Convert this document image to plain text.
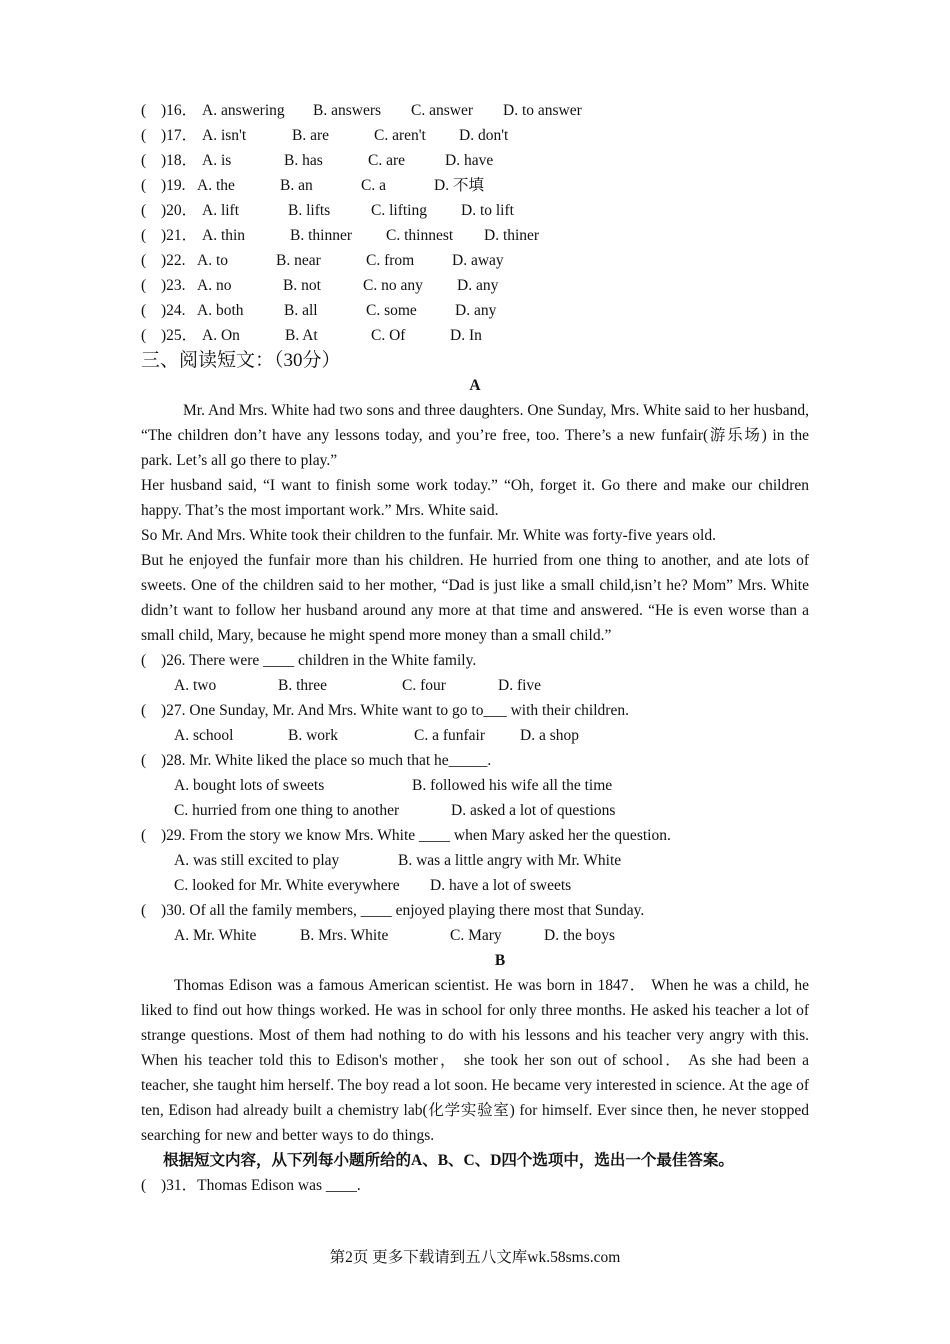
( )16． A. answering B. answers C. answer D. to answer
( )17． A. isn't	B. are	C. aren't D. don't
( )18． A. is	B. has	C. are	D. have
( )19. A. the	B. an	C. a	D. 不填
( )20． A. lift	B. lifts	C. lifting D. to lift
( )21． A. thin	B. thinner C. thinnest D. thiner
( )22. A. to	B. near	C. from D. away
( )23. A. no	B. not	C. no any D. any
( )24. A. both	B. all	C. some D. any
( )25． A. On	B. At	C. Of	D. In
三、阅读短文：（30分）
A

Mr. And Mrs. White had two sons and three daughters. One Sunday, Mrs. White said to her husband, “The children don’t have any lessons today, and you’re free, too. There’s a new funfair(游乐场) in the park. Let’s all go there to play.”

Her husband said, “I want to finish some work today.” “Oh, forget it. Go there and make our children happy. That’s the most important work.” Mrs. White said.

So Mr. And Mrs. White took their children to the funfair. Mr. White was forty-five years old.

But he enjoyed the funfair more than his children. He hurried from one thing to another, and ate lots of sweets. One of the children said to her mother, “Dad is just like a small child,isn’t he? Mom” Mrs. White didn’t want to follow her husband around any more at that time and answered. “He is even worse than a small child, Mary, because he might spend more money than a small child.”

( )26. There were ____ children in the White family.
A. two	B. three	C. four	D. five
( )27. One Sunday, Mr. And Mrs. White want to go to___ with their children.
A. school	B. work	C. a funfair D. a shop
( )28. Mr. White liked the place so much that he_____.
A. bought lots of sweets	B. followed his wife all the time
C. hurried from one thing to another	D. asked a lot of questions
( )29. From the story we know Mrs. White ____ when Mary asked her the question.
A. was still excited to play	B. was a little angry with Mr. White
C. looked for Mr. White everywhere D. have a lot of sweets
( )30. Of all the family members, ____ enjoyed playing there most that Sunday.
A. Mr. White	B. Mrs. White	C. Mary	D. the boys
B

Thomas Edison was a famous American scientist. He was born in 1847． When he was a child, he liked to find out how things worked. He was in school for only three months. He asked his teacher a lot of strange questions. Most of them had nothing to do with his lessons and his teacher very angry with this. When his teacher told this to Edison's mother， she took her son out of school． As she had been a teacher, she taught him herself. The boy read a lot soon. He became very interested in science. At the age of ten, Edison had already built a chemistry lab(化学实验室) for himself. Ever since then, he never stopped searching for new and better ways to do things.

根据短文内容，从下列每小题所给的A、B、C、D四个选项中，选出一个最佳答案。
( )31．Thomas Edison was ____.
第2页 更多下载请到五八文库wk.58sms.com
